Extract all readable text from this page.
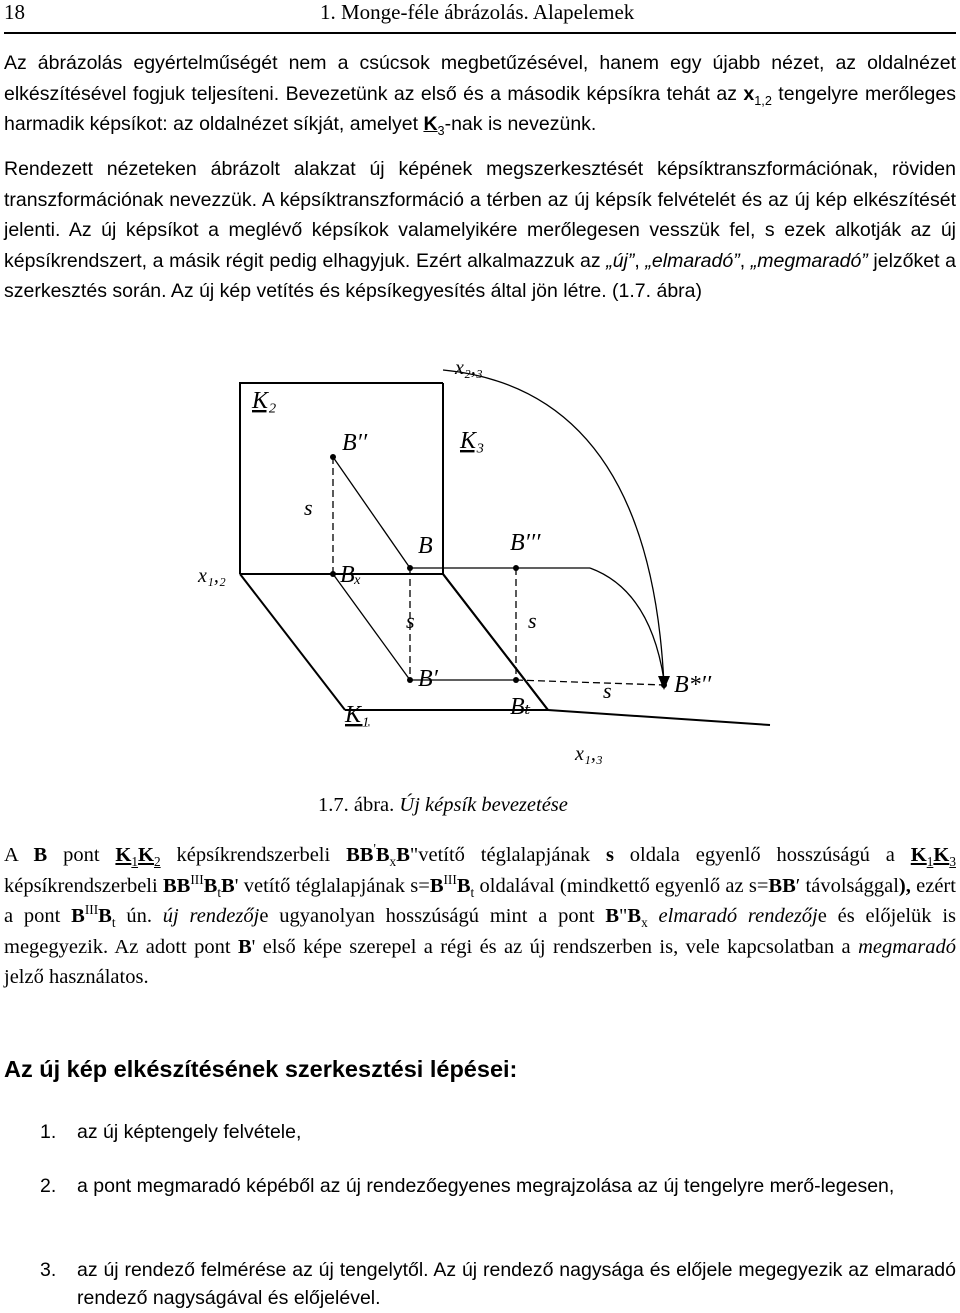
18	1. Monge-féle ábrázolás. Alapelemek

Az ábrázolás egyértelműségét nem a csúcsok megbetűzésével, hanem egy újabb nézet, az oldalnézet elkészítésével fogjuk teljesíteni. Bevezetünk az első és a második képsíkra tehát az $x_{1,2}$ tengelyre merőleges harmadik képsíkot: az oldalnézet síkját, amelyet $K_3$-nak is nevezünk.

Rendezett nézeteken ábrázolt alakzat új képének megszerkesztését képsíktranszformációnak, röviden transzformációnak nevezzük. A képsíktranszformáció a térben az új képsík felvételét és az új kép elkészítését jelenti. Az új képsíkot a meglévő képsíkok valamelyikére merőlegesen vesszük fel, s ezek alkotják az új képsíkrendszert, a másik régit pedig elhagyjuk. Ezért alkalmazzuk az „új”, „elmaradó”, „megmaradó” jelzőket a szerkesztés során. Az új kép vetítés és képsíkegyesítés által jön létre. (1.7. ábra)

K₂
K₃
K₁
x₂,₃
x₁,₂
x₁,₃
B′′
B	B′′′
Bₓ
B′
Bₜ
B*′′
s
s	s
s
1.7. ábra. Új képsík bevezetése

A B pont $K_1K_2$ képsíkrendszerbeli $BB'B_xB"vetítő$ téglalapjának s oldala egyenlő hosszúságú a $K_1K_3$ képsíkrendszerbeli $BB^{III}B_tB'$ vetítő téglalapjának $s=B^{III}B_t$ oldalával (mindkettő egyenlő az s=BB′ távolsággal), ezért a pont $B^{III}B_t$ ún. új rendezője ugyanolyan hosszúságú mint a pont $B"B_x$ elmaradó rendezője és előjelük is megegyezik. Az adott pont B' első képe szerepel a régi és az új rendszerben is, vele kapcsolatban a megmaradó jelző használatos.

Az új kép elkészítésének szerkesztési lépései:
1. az új képtengely felvétele,
2. a pont megmaradó képéből az új rendezőegyenes megrajzolása az új tengelyre merő-legesen,
3. az új rendező felmérése az új tengelytől. Az új rendező nagysága és előjele megegyezik az elmaradó rendező nagyságával és előjelével.
